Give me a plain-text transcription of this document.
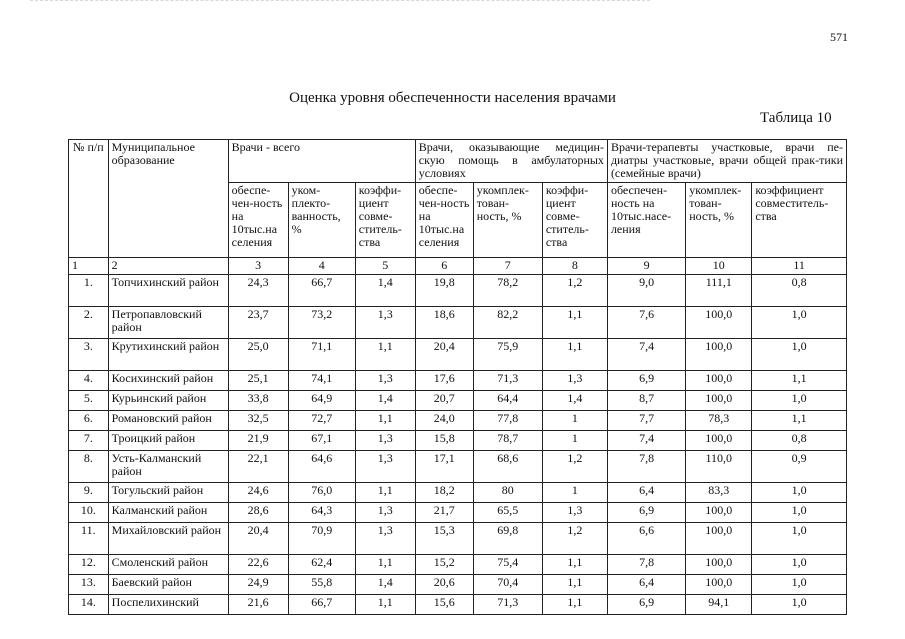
571
Оценка уровня обеспеченности населения врачами
Таблица 10
№ п/п	Муниципальное образование	Врачи - всего			Врачи, оказывающие медицин-скую помощь в амбулаторных условиях			Врачи-терапевты участковые, врачи пе-диатры участковые, врачи общей прак-тики (семейные врачи)		
		обеспе-чен-ность на 10тыс.на селения	уком-плекто-ванность, %	коэффи-циент совме-ститель-ства	обеспе-чен-ность на 10тыс.на селения	укомплек-тован-ность, %	коэффи-циент совме-ститель-ства	обеспечен-ность на 10тыс.насе-ления	укомплек-тован-ность, %	коэффициент совместитель-ства
1	2	3	4	5	6	7	8	9	10	11
1.	Топчихинский район	24,3	66,7	1,4	19,8	78,2	1,2	9,0	111,1	0,8
2.	Петропавловский район	23,7	73,2	1,3	18,6	82,2	1,1	7,6	100,0	1,0
3.	Крутихинский район	25,0	71,1	1,1	20,4	75,9	1,1	7,4	100,0	1,0
4.	Косихинский район	25,1	74,1	1,3	17,6	71,3	1,3	6,9	100,0	1,1
5.	Курьинский район	33,8	64,9	1,4	20,7	64,4	1,4	8,7	100,0	1,0
6.	Романовский район	32,5	72,7	1,1	24,0	77,8	1	7,7	78,3	1,1
7.	Троицкий район	21,9	67,1	1,3	15,8	78,7	1	7,4	100,0	0,8
8.	Усть-Калманский район	22,1	64,6	1,3	17,1	68,6	1,2	7,8	110,0	0,9
9.	Тогульский район	24,6	76,0	1,1	18,2	80	1	6,4	83,3	1,0
10.	Калманский район	28,6	64,3	1,3	21,7	65,5	1,3	6,9	100,0	1,0
11.	Михайловский район	20,4	70,9	1,3	15,3	69,8	1,2	6,6	100,0	1,0
12.	Смоленский район	22,6	62,4	1,1	15,2	75,4	1,1	7,8	100,0	1,0
13.	Баевский район	24,9	55,8	1,4	20,6	70,4	1,1	6,4	100,0	1,0
14.	Поспелихинский	21,6	66,7	1,1	15,6	71,3	1,1	6,9	94,1	1,0
